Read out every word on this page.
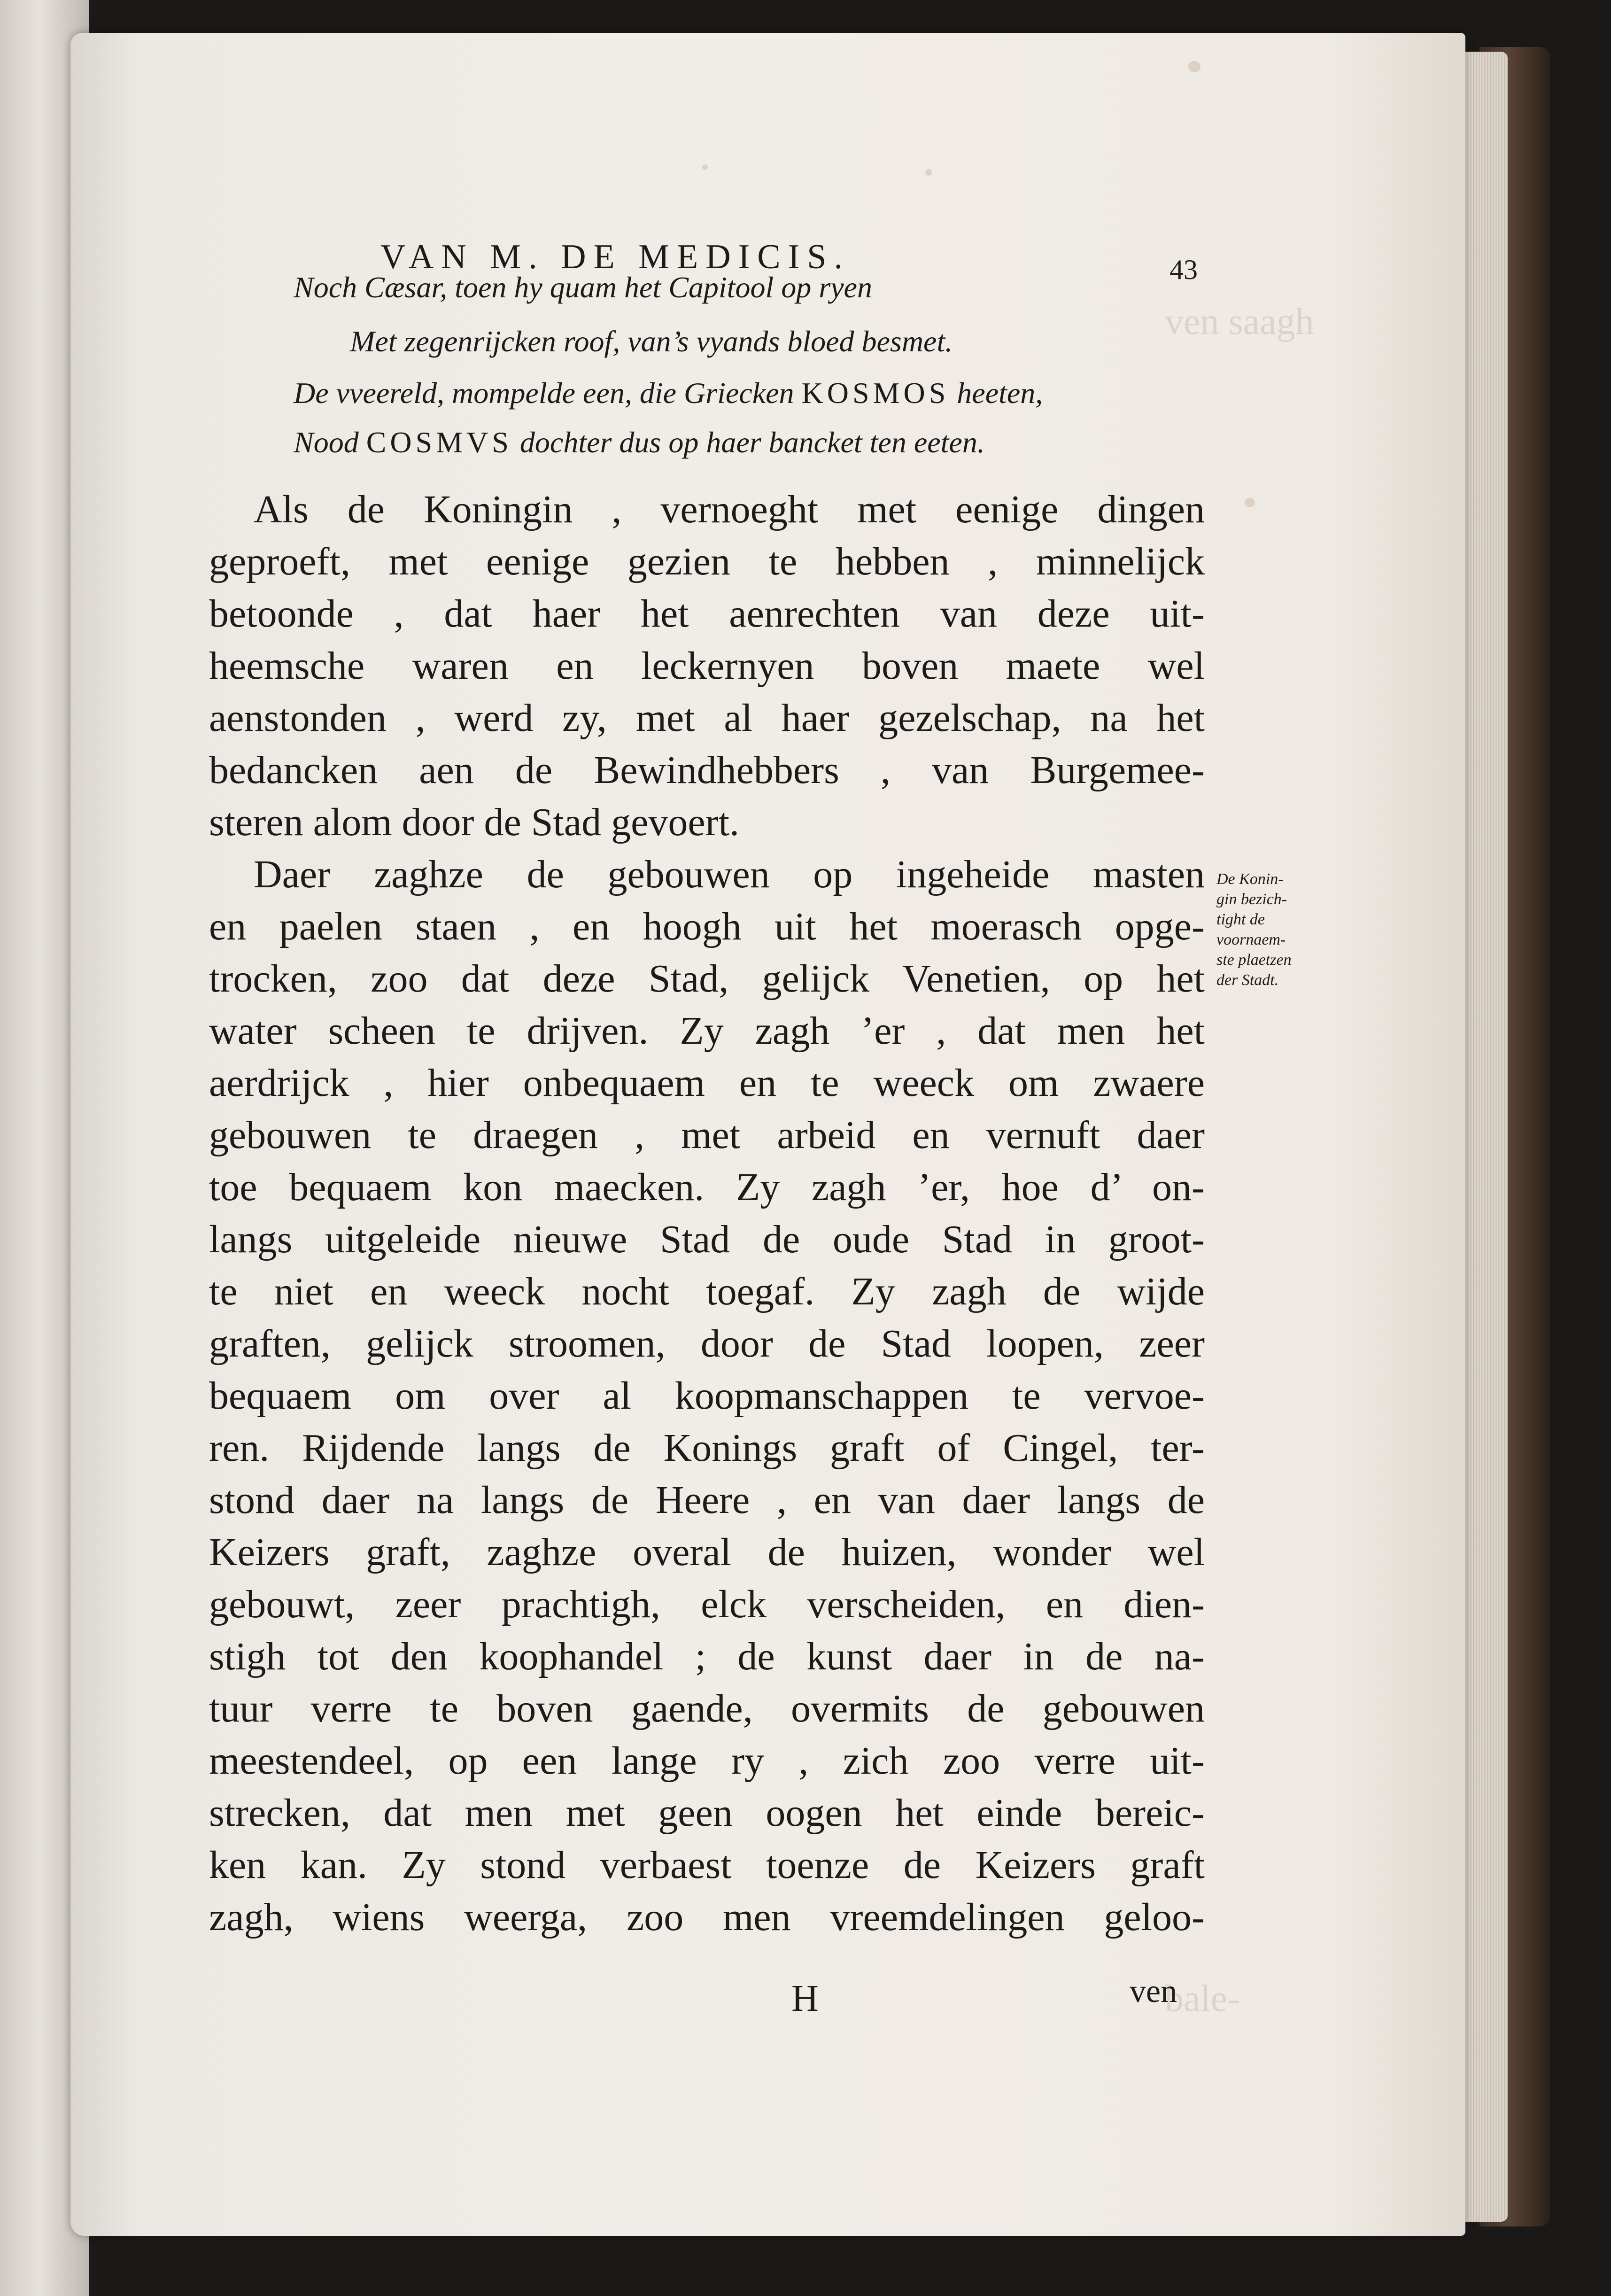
ven saagh
bale-
VAN M. DE MEDICIS.	43
Noch Cæsar, toen hy quam het Capitool op ryen
Met zegenrijcken roof, van’s vyands bloed besmet.
De vveereld, mompelde een, die Griecken KOSMOS heeten,
Nood COSMVS dochter dus op haer bancket ten eeten.
Als de Koningin , vernoeght met eenige dingen
geproeft, met eenige gezien te hebben , minnelijck
betoonde , dat haer het aenrechten van deze uit-
heemsche waren en leckernyen boven maete wel
aenstonden , werd zy, met al haer gezelschap, na het
bedancken aen de Bewindhebbers , van Burgemee-
steren alom door de Stad gevoert.
Daer zaghze de gebouwen op ingeheide masten
en paelen staen , en hoogh uit het moerasch opge-
trocken, zoo dat deze Stad, gelijck Venetien, op het
water scheen te drijven. Zy zagh ’er , dat men het
aerdrijck , hier onbequaem en te weeck om zwaere
gebouwen te draegen , met arbeid en vernuft daer
toe bequaem kon maecken. Zy zagh ’er, hoe d’ on-
langs uitgeleide nieuwe Stad de oude Stad in groot-
te niet en weeck nocht toegaf. Zy zagh de wijde
graften, gelijck stroomen, door de Stad loopen, zeer
bequaem om over al koopmanschappen te vervoe-
ren. Rijdende langs de Konings graft of Cingel, ter-
stond daer na langs de Heere , en van daer langs de
Keizers graft, zaghze overal de huizen, wonder wel
gebouwt, zeer prachtigh, elck verscheiden, en dien-
stigh tot den koophandel ; de kunst daer in de na-
tuur verre te boven gaende, overmits de gebouwen
meestendeel, op een lange ry , zich zoo verre uit-
strecken, dat men met geen oogen het einde bereic-
ken kan. Zy stond verbaest toenze de Keizers graft
zagh, wiens weerga, zoo men vreemdelingen geloo-
De Konin-
gin bezich-
tight de
voornaem-
ste plaetzen
der Stadt.
H	ven
